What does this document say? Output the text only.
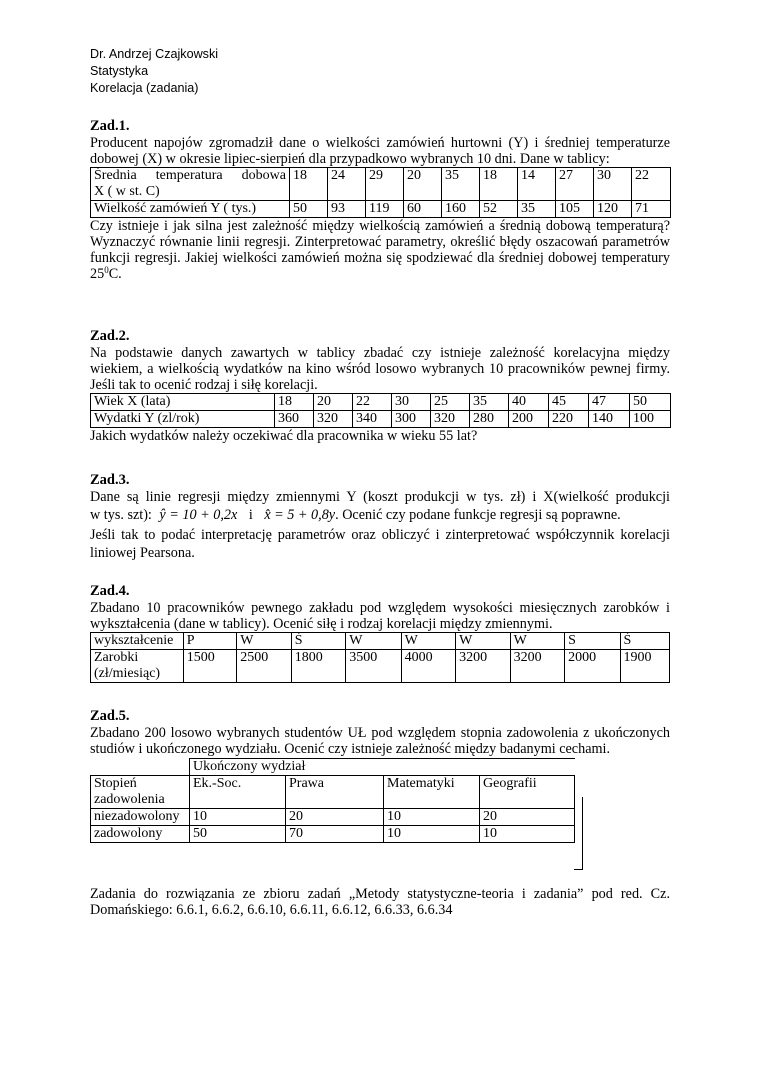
Dr. Andrzej Czajkowski
Statystyka
Korelacja (zadania)
Zad.1.

Producent napojów zgromadził dane o wielkości zamówień hurtowni (Y) i średniej temperaturze dobowej (X) w okresie lipiec-sierpień dla przypadkowo wybranych 10 dni. Dane w tablicy:

Średnia temperatura dobowa
X ( w st. C)	18	24	29	20	35	18	14	27	30	22
Wielkość zamówień Y ( tys.)	50	93	119	60	160	52	35	105	120	71

Czy istnieje i jak silna jest zależność między wielkością zamówień a średnią dobową temperaturą? Wyznaczyć równanie linii regresji. Zinterpretować parametry, określić błędy oszacowań parametrów funkcji regresji. Jakiej wielkości zamówień można się spodziewać dla średniej dobowej temperatury $25^0C$.

Zad.2.

Na podstawie danych zawartych w tablicy zbadać czy istnieje zależność korelacyjna między wiekiem, a wielkością wydatków na kino wśród losowo wybranych 10 pracowników pewnej firmy. Jeśli tak to ocenić rodzaj i siłę korelacji.

Wiek X (lata)	18	20	22	30	25	35	40	45	47	50
Wydatki Y (zl/rok)	360	320	340	300	320	280	200	220	140	100

Jakich wydatków należy oczekiwać dla pracownika w wieku 55 lat?

Zad.3.

Dane są linie regresji między zmiennymi Y (koszt produkcji w tys. zł) i X(wielkość produkcji

w tys. szt): ŷ = 10 + 0,2x i x̂ = 5 + 0,8y. Ocenić czy podane funkcje regresji są poprawne.

Jeśli tak to podać interpretację parametrów oraz obliczyć i zinterpretować współczynnik korelacji liniowej Pearsona.

Zad.4.

Zbadano 10 pracowników pewnego zakładu pod względem wysokości miesięcznych zarobków i wykształcenia (dane w tablicy). Ocenić siłę i rodzaj korelacji między zmiennymi.

wykształcenie	P	W	Ś	W	W	W	W	S	Ś

Zarobki
(zł/miesiąc)	1500	2500	1800	3500	4000	3200	3200	2000	1900
Zad.5.

Zbadano 200 losowo wybranych studentów UŁ pod względem stopnia zadowolenia z ukończonych studiów i ukończonego wydziału. Ocenić czy istnieje zależność między badanymi cechami.

	Ukończony wydział			

Stopień
zadowolenia	Ek.-Soc.	Prawa	Matematyki	Geografii
niezadowolony	10	20	10	20
zadowolony	50	70	10	10
Zadania do rozwiązania ze zbioru zadań „Metody statystyczne-teoria i zadania” pod red. Cz. Domańskiego: 6.6.1, 6.6.2, 6.6.10, 6.6.11, 6.6.12, 6.6.33, 6.6.34
